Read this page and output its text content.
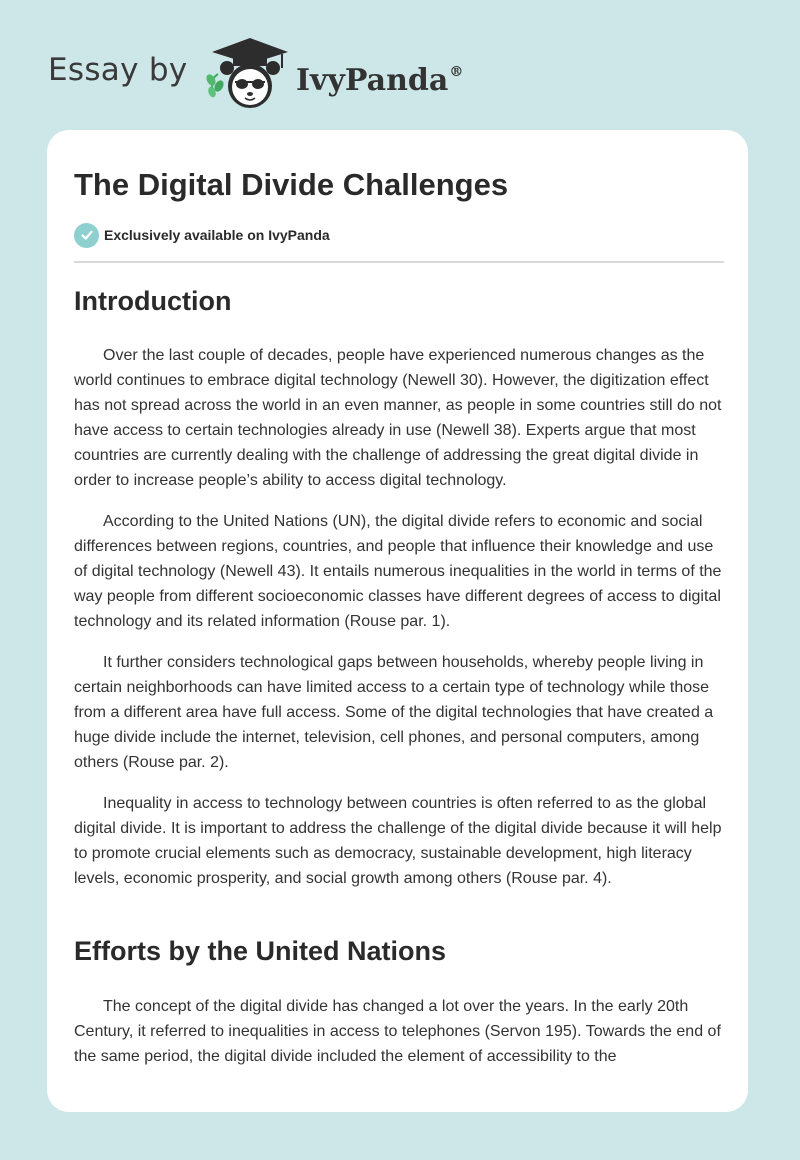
Essay by	IvyPanda®
The Digital Divide Challenges
Exclusively available on IvyPanda
Introduction

Over the last couple of decades, people have experienced numerous changes as the world continues to embrace digital technology (Newell 30). However, the digitization effect has not spread across the world in an even manner, as people in some countries still do not have access to certain technologies already in use (Newell 38). Experts argue that most countries are currently dealing with the challenge of addressing the great digital divide in order to increase people’s ability to access digital technology.

According to the United Nations (UN), the digital divide refers to economic and social differences between regions, countries, and people that influence their knowledge and use of digital technology (Newell 43). It entails numerous inequalities in the world in terms of the way people from different socioeconomic classes have different degrees of access to digital technology and its related information (Rouse par. 1).

It further considers technological gaps between households, whereby people living in certain neighborhoods can have limited access to a certain type of technology while those from a different area have full access. Some of the digital technologies that have created a huge divide include the internet, television, cell phones, and personal computers, among others (Rouse par. 2).

Inequality in access to technology between countries is often referred to as the global digital divide. It is important to address the challenge of the digital divide because it will help to promote crucial elements such as democracy, sustainable development, high literacy levels, economic prosperity, and social growth among others (Rouse par. 4).

Efforts by the United Nations

The concept of the digital divide has changed a lot over the years. In the early 20th Century, it referred to inequalities in access to telephones (Servon 195). Towards the end of the same period, the digital divide included the element of accessibility to the
